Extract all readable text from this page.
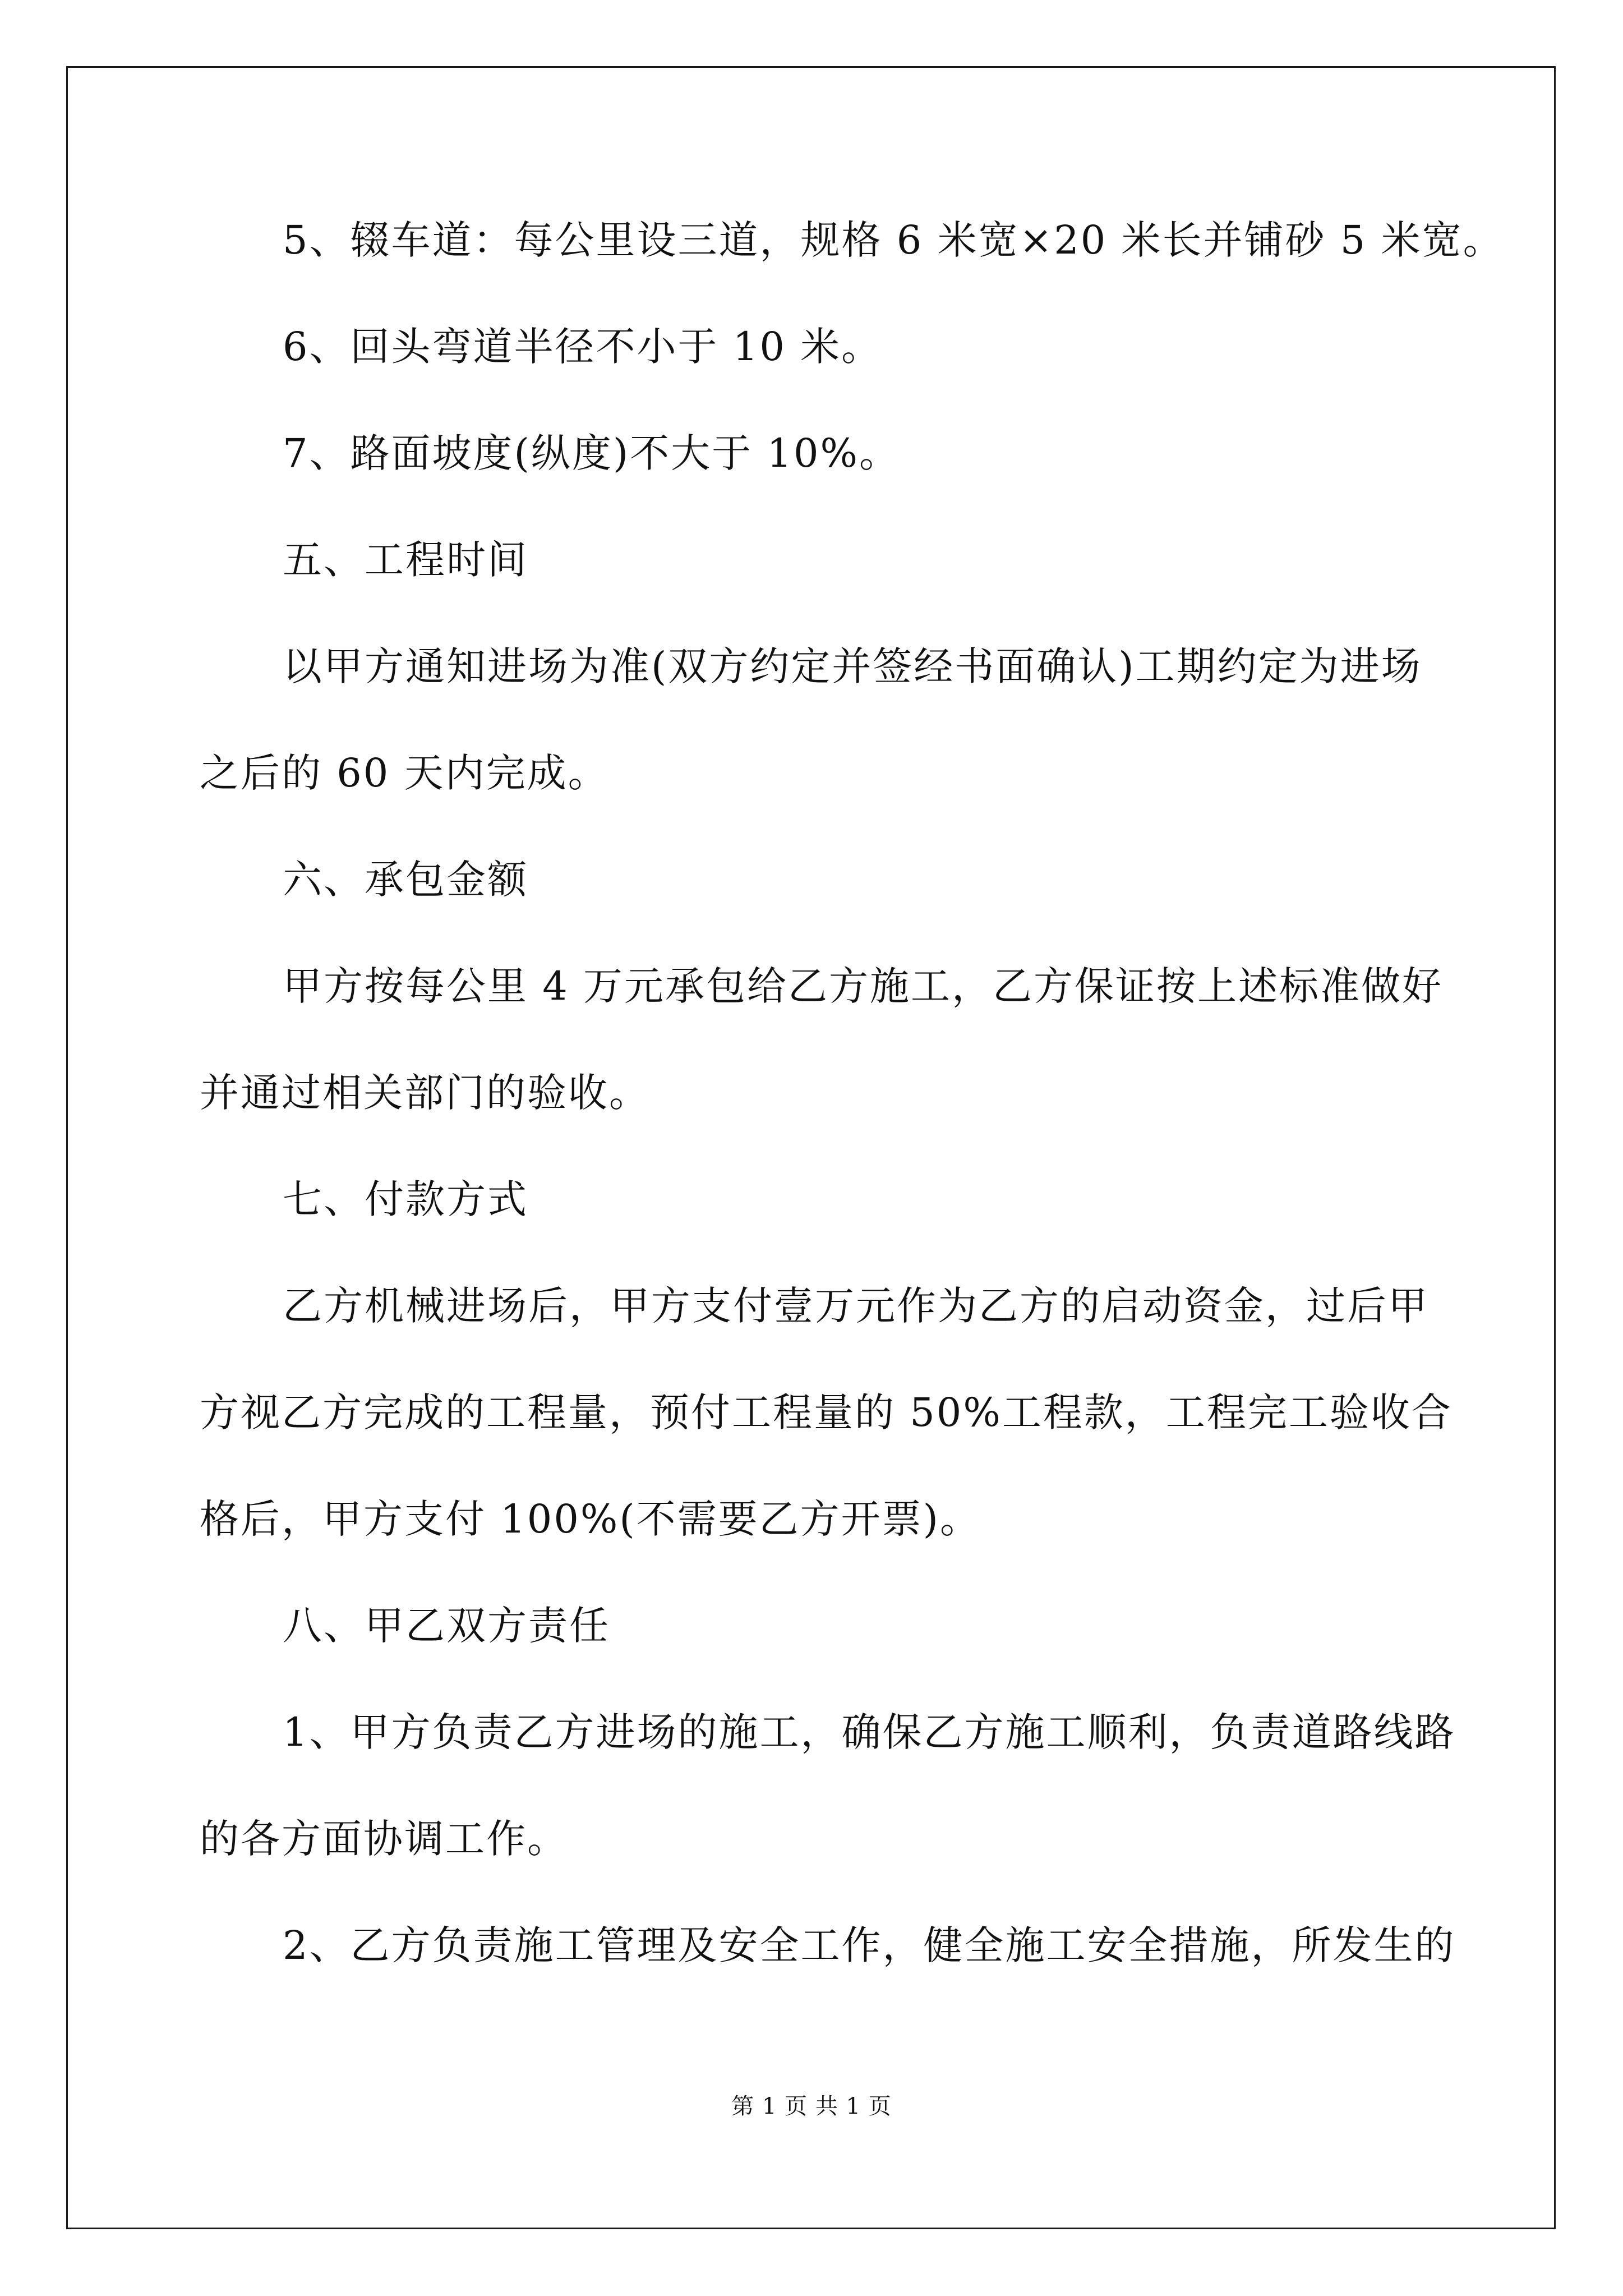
5、辍车道：每公里设三道，规格 6 米宽×20 米长并铺砂 5 米宽。
6、回头弯道半径不小于 10 米。
7、路面坡度(纵度)不大于 10%。
五、工程时间
以甲方通知进场为准(双方约定并签经书面确认)工期约定为进场
之后的 60 天内完成。
六、承包金额
甲方按每公里 4 万元承包给乙方施工，乙方保证按上述标准做好
并通过相关部门的验收。
七、付款方式
乙方机械进场后，甲方支付壹万元作为乙方的启动资金，过后甲
方视乙方完成的工程量，预付工程量的 50%工程款，工程完工验收合
格后，甲方支付 100%(不需要乙方开票)。
八、甲乙双方责任
1、甲方负责乙方进场的施工，确保乙方施工顺利，负责道路线路
的各方面协调工作。
2、乙方负责施工管理及安全工作，健全施工安全措施，所发生的
第 1 页 共 1 页
